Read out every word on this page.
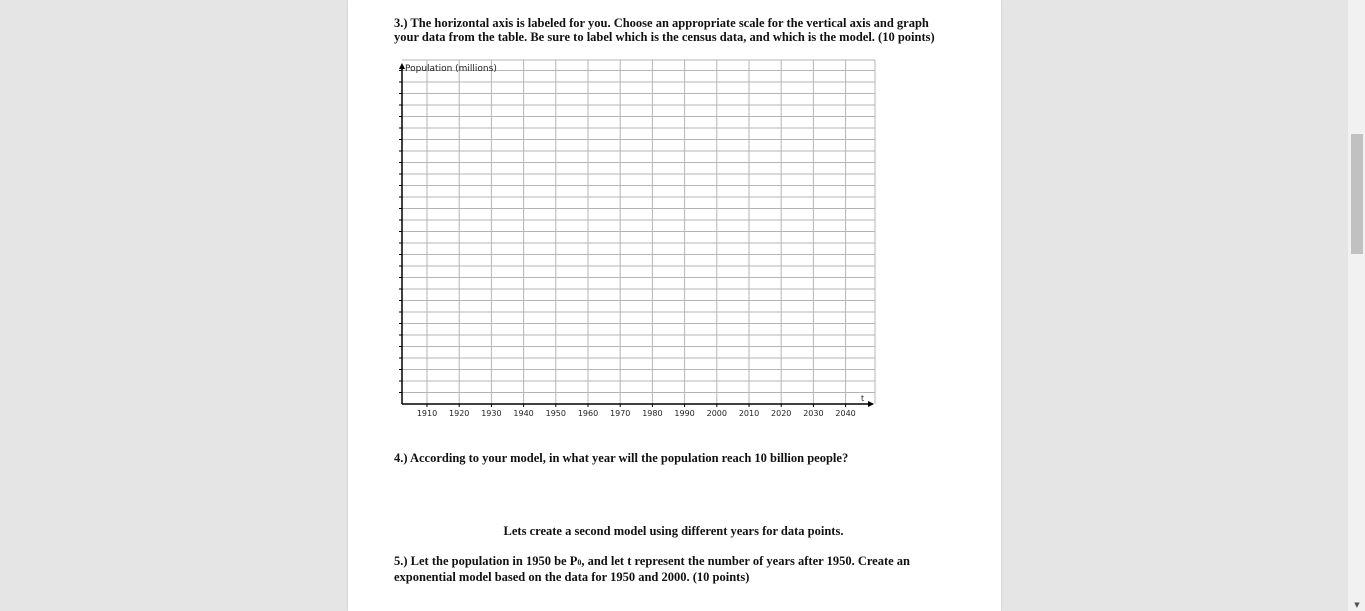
3.) The horizontal axis is labeled for you. Choose an appropriate scale for the vertical axis and graph
your data from the table. Be sure to label which is the census data, and which is the model. (10 points)

4.) According to your model, in what year will the population reach 10 billion people?

Lets create a second model using different years for data points.

5.) Let the population in 1950 be P0, and let t represent the number of years after 1950. Create an
exponential model based on the data for 1950 and 2000. (10 points)

1910 1920 1930 1940 1950 1960 1970 1980 1990 2000 2010 2020 2030 2040
Population (millions)
t
▼
